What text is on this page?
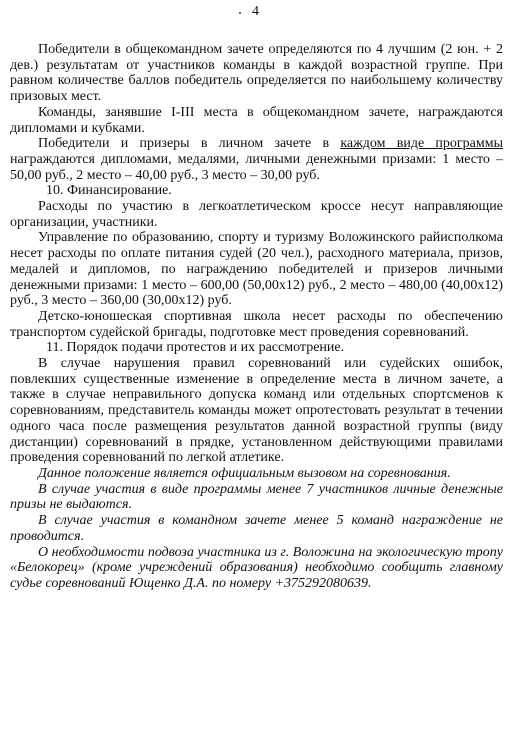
4

Победители в общекомандном зачете определяются по 4 лучшим (2 юн. + 2 дев.) результатам от участников команды в каждой возрастной группе. При равном количестве баллов победитель определяется по наибольшему количеству призовых мест.

Команды, занявшие I-III места в общекомандном зачете, награждаются дипломами и кубками.

Победители и призеры в личном зачете в каждом виде программы награждаются дипломами, медалями, личными денежными призами: 1 место –50,00 руб., 2 место – 40,00 руб., 3 место – 30,00 руб.

10. Финансирование.

Расходы по участию в легкоатлетическом кроссе несут направляющие организации, участники.

Управление по образованию, спорту и туризму Воложинского райисполкома несет расходы по оплате питания судей (20 чел.), расходного материала, призов, медалей и дипломов, по награждению победителей и призеров личными денежными призами: 1 место – 600,00 (50,00х12) руб., 2 место – 480,00 (40,00х12) руб., 3 место – 360,00 (30,00х12) руб.

Детско-юношеская спортивная школа несет расходы по обеспечению транспортом судейской бригады, подготовке мест проведения соревнований.

11. Порядок подачи протестов и их рассмотрение.

В случае нарушения правил соревнований или судейских ошибок, повлекших существенные изменение в определение места в личном зачете, а также в случае неправильного допуска команд или отдельных спортсменов к соревнованиям, представитель команды может опротестовать результат в течении одного часа после размещения результатов данной возрастной группы (виду дистанции) соревнований в прядке, установленном действующими правилами проведения соревнований по легкой атлетике.

Данное положение является официальным вызовом на соревнования.

В случае участия в виде программы менее 7 участников личные денежные призы не выдаются.

В случае участия в командном зачете менее 5 команд награждение не проводится.

О необходимости подвоза участника из г. Воложина на экологическую тропу «Белокорец» (кроме учреждений образования) необходимо сообщить главному судье соревнований Ющенко Д.А. по номеру +375292080639.
